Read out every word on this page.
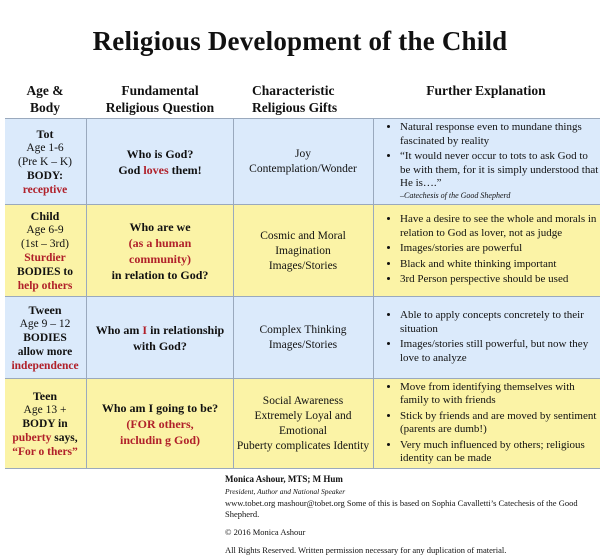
Religious Development of the Child
Age &
Body
Fundamental
Religious Question
Characteristic
Religious Gifts
Further Explanation
Tot
Age 1-6
(Pre K – K)
BODY:
receptive
Who is God?
God loves them!
Joy
Contemplation/Wonder
• Natural response even to mundane things fascinated by reality
• “It would never occur to tots to ask God to be with them, for it is simply understood that He is….”
–Catechesis of the Good Shepherd
Child
Age 6-9
(1st – 3rd)
Sturdier
BODIES to
help others
Who are we
(as a human
community)
in relation to God?
Cosmic and Moral
Imagination
Images/Stories
• Have a desire to see the whole and morals in relation to God as lover, not as judge
• Images/stories are powerful
• Black and white thinking important
• 3rd Person perspective should be used
Tween
Age 9 – 12
BODIES
allow more
independence
Who am I in relationship
with God?
Complex Thinking
Images/Stories
• Able to apply concepts concretely to their situation
• Images/stories still powerful, but now they love to analyze
Teen
Age 13 +
BODY in
puberty says,
“For o thers”
Who am I going to be?
(FOR others,
includin g God)
Social Awareness
Extremely Loyal and
Emotional
Puberty complicates Identity
• Move from identifying themselves with family to with friends
• Stick by friends and are moved by sentiment (parents are dumb!)
• Very much influenced by others; religious identity can be made
Monica Ashour, MTS; M Hum
President, Author and National Speaker
www.tobet.org mashour@tobet.org Some of this is based on Sophia Cavalletti’s Catechesis of the Good Shepherd.
© 2016 Monica Ashour
All Rights Reserved. Written permission necessary for any duplication of material.
